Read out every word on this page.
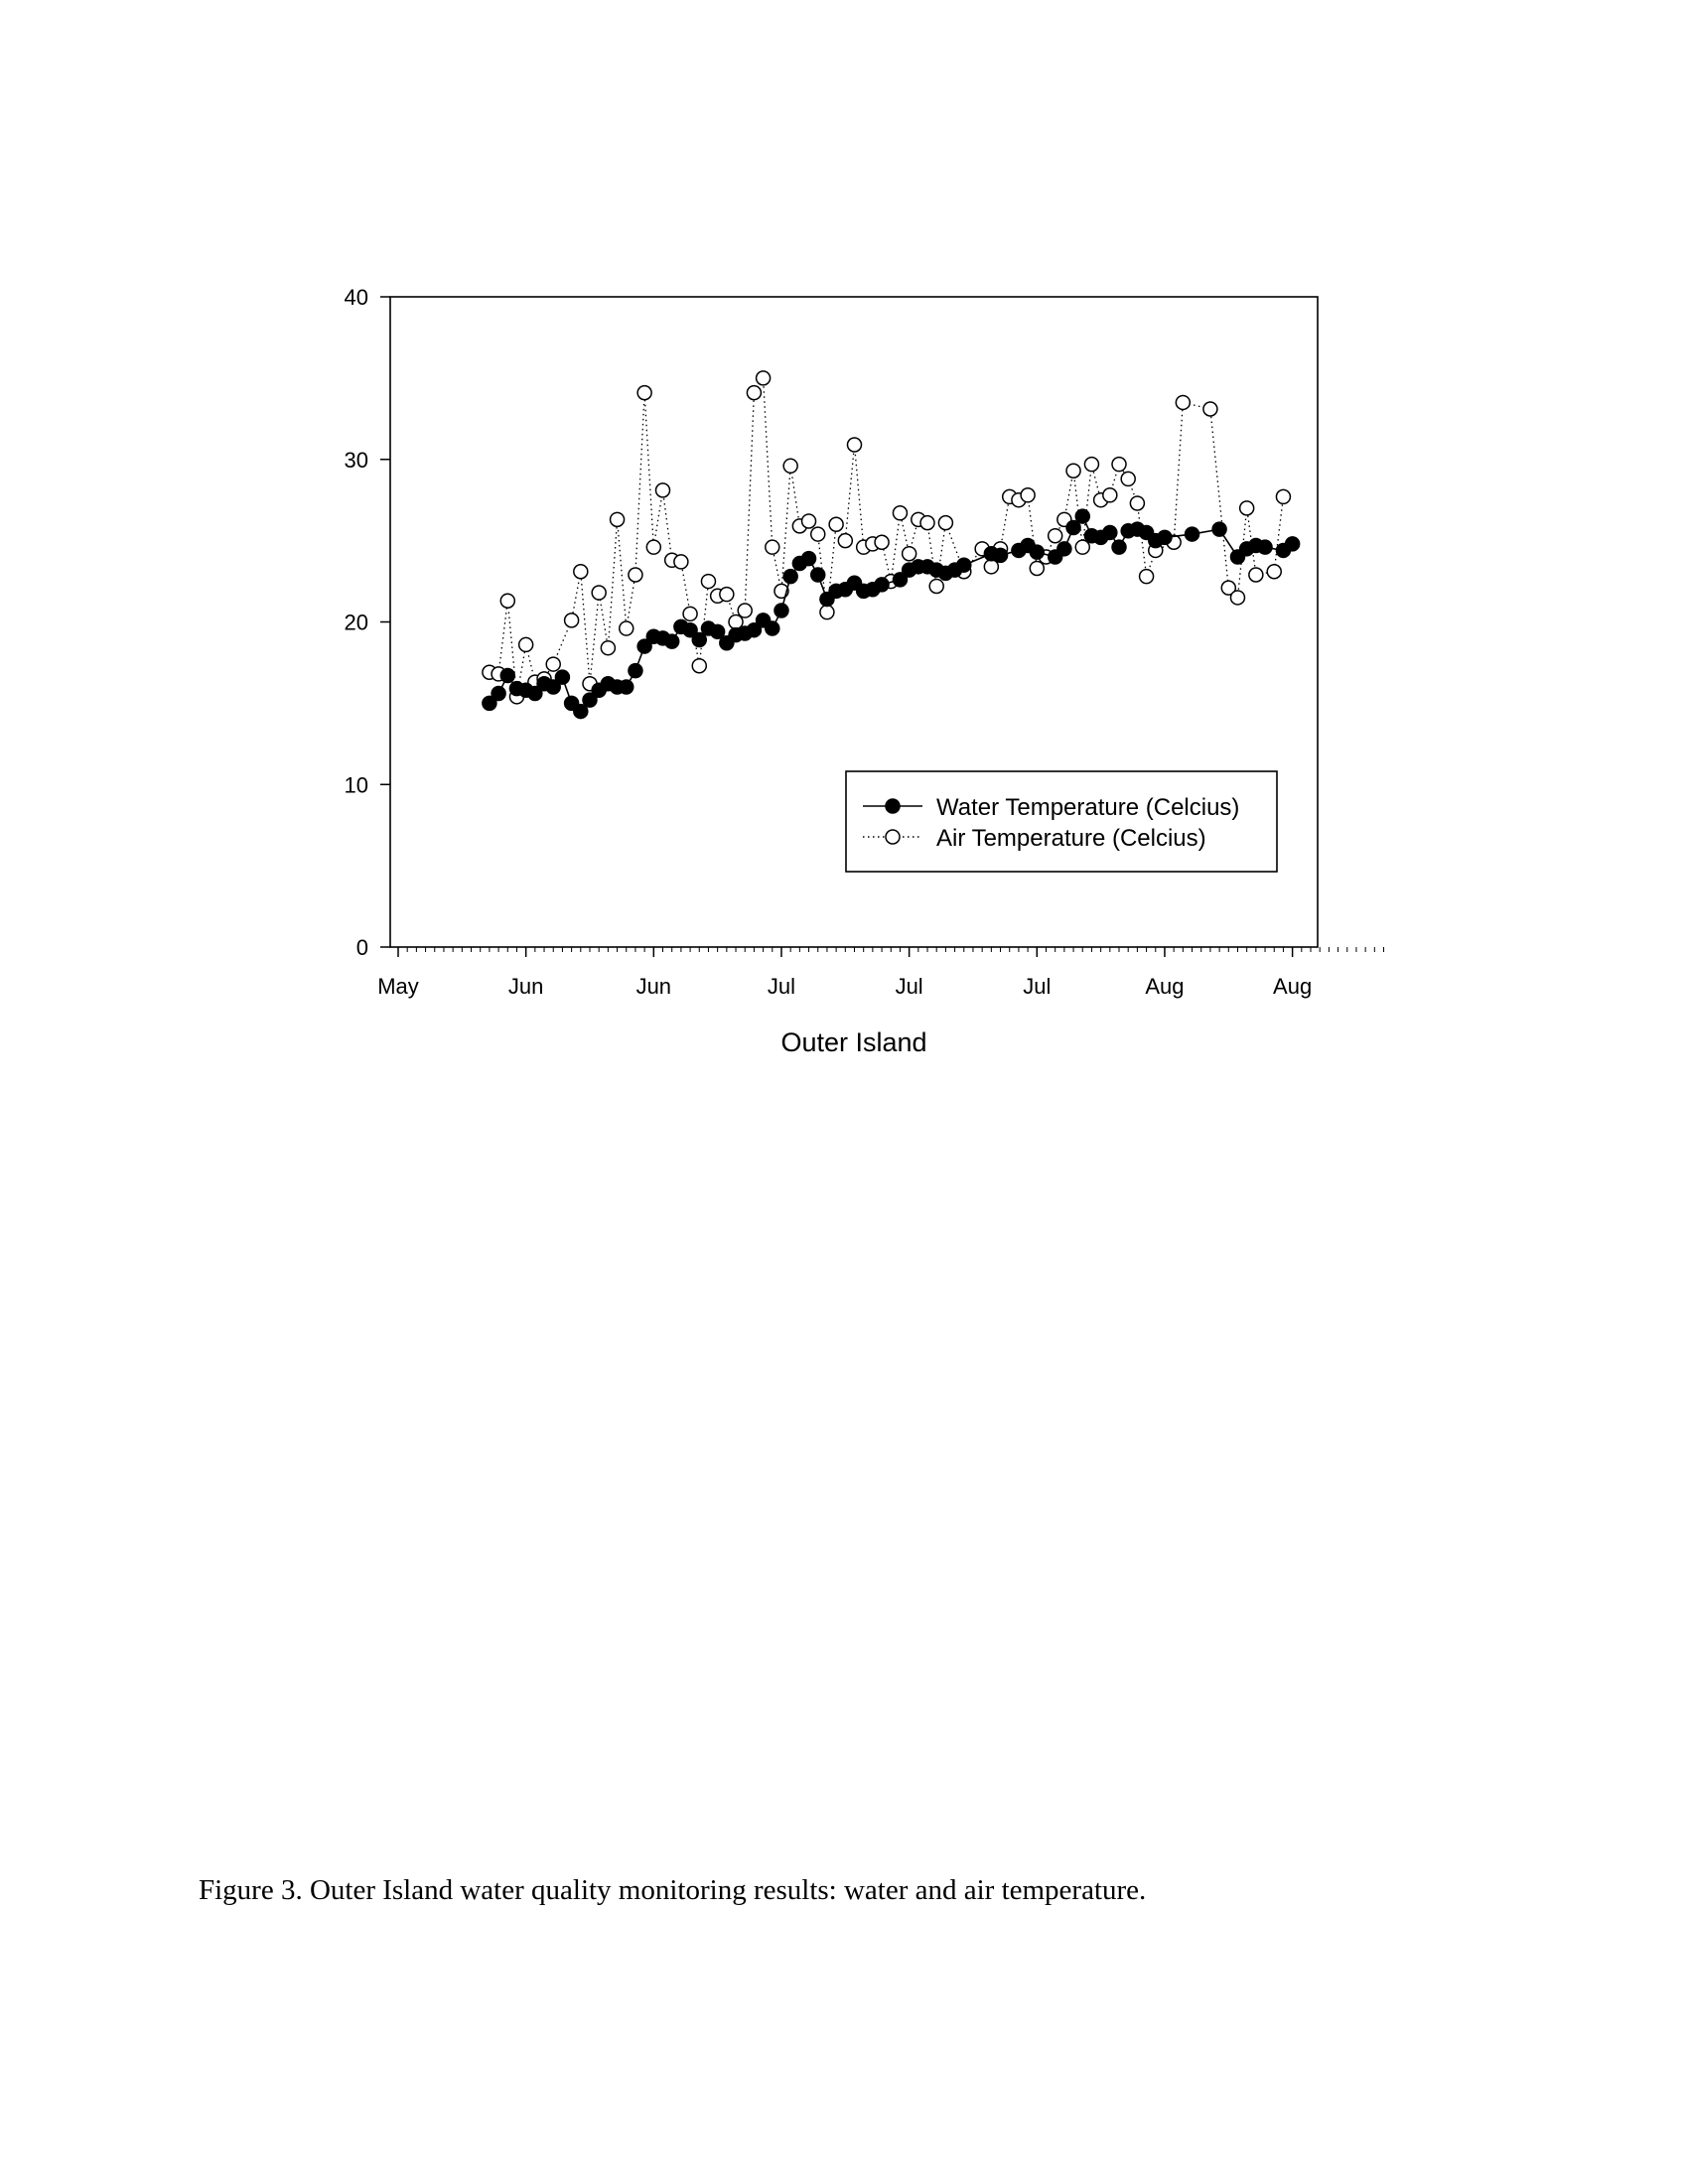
0
10
20
30
40
May	Jun	Jun	Jul	Jul	Jul	Aug	Aug
Outer Island
Water Temperature (Celcius)
Air Temperature (Celcius)
Figure 3. Outer Island water quality monitoring results: water and air temperature.
